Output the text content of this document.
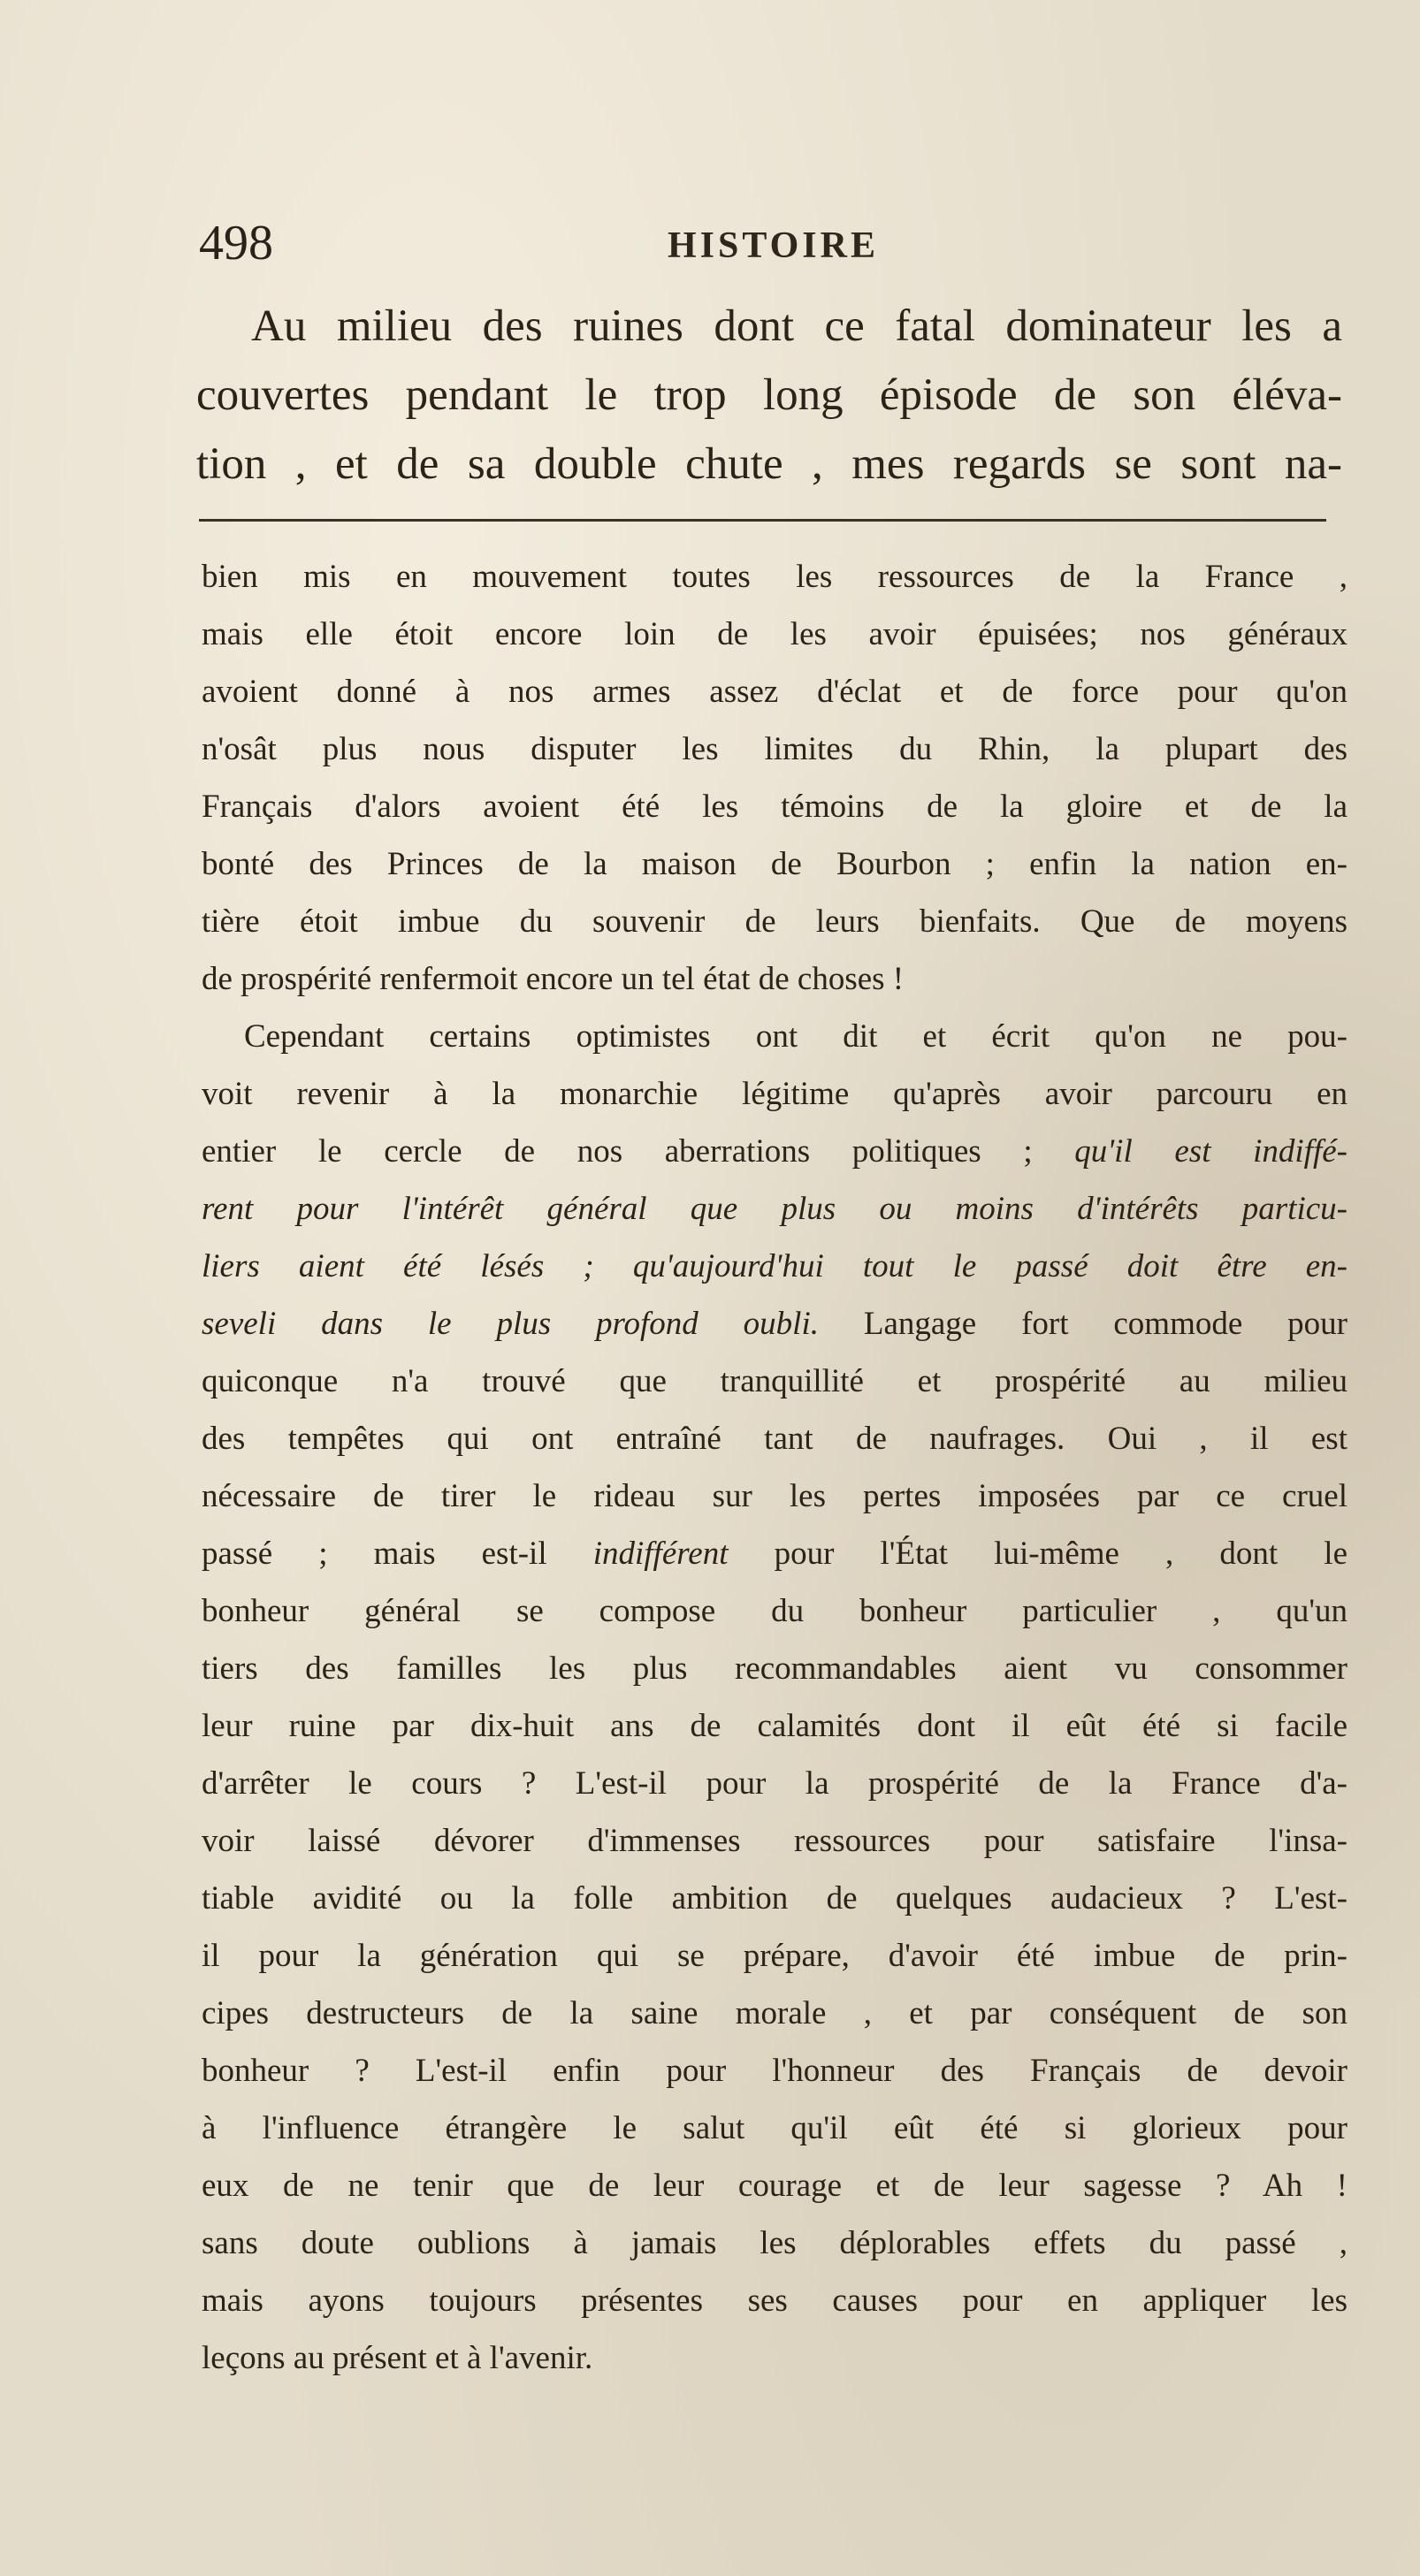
498	HISTOIRE
Au milieu des ruines dont ce fatal dominateur les a
couvertes pendant le trop long épisode de son éléva-
tion , et de sa double chute , mes regards se sont na-
bien mis en mouvement toutes les ressources de la France ,
mais elle étoit encore loin de les avoir épuisées; nos généraux
avoient donné à nos armes assez d'éclat et de force pour qu'on
n'osât plus nous disputer les limites du Rhin, la plupart des
Français d'alors avoient été les témoins de la gloire et de la
bonté des Princes de la maison de Bourbon ; enfin la nation en-
tière étoit imbue du souvenir de leurs bienfaits. Que de moyens
de prospérité renfermoit encore un tel état de choses !
Cependant certains optimistes ont dit et écrit qu'on ne pou-
voit revenir à la monarchie légitime qu'après avoir parcouru en
entier le cercle de nos aberrations politiques ; qu'il est indiffé-
rent pour l'intérêt général que plus ou moins d'intérêts particu-
liers aient été lésés ; qu'aujourd'hui tout le passé doit être en-
seveli dans le plus profond oubli. Langage fort commode pour
quiconque n'a trouvé que tranquillité et prospérité au milieu
des tempêtes qui ont entraîné tant de naufrages. Oui , il est
nécessaire de tirer le rideau sur les pertes imposées par ce cruel
passé ; mais est-il indifférent pour l'État lui-même , dont le
bonheur général se compose du bonheur particulier , qu'un
tiers des familles les plus recommandables aient vu consommer
leur ruine par dix-huit ans de calamités dont il eût été si facile
d'arrêter le cours ? L'est-il pour la prospérité de la France d'a-
voir laissé dévorer d'immenses ressources pour satisfaire l'insa-
tiable avidité ou la folle ambition de quelques audacieux ? L'est-
il pour la génération qui se prépare, d'avoir été imbue de prin-
cipes destructeurs de la saine morale , et par conséquent de son
bonheur ? L'est-il enfin pour l'honneur des Français de devoir
à l'influence étrangère le salut qu'il eût été si glorieux pour
eux de ne tenir que de leur courage et de leur sagesse ? Ah !
sans doute oublions à jamais les déplorables effets du passé ,
mais ayons toujours présentes ses causes pour en appliquer les
leçons au présent et à l'avenir.
